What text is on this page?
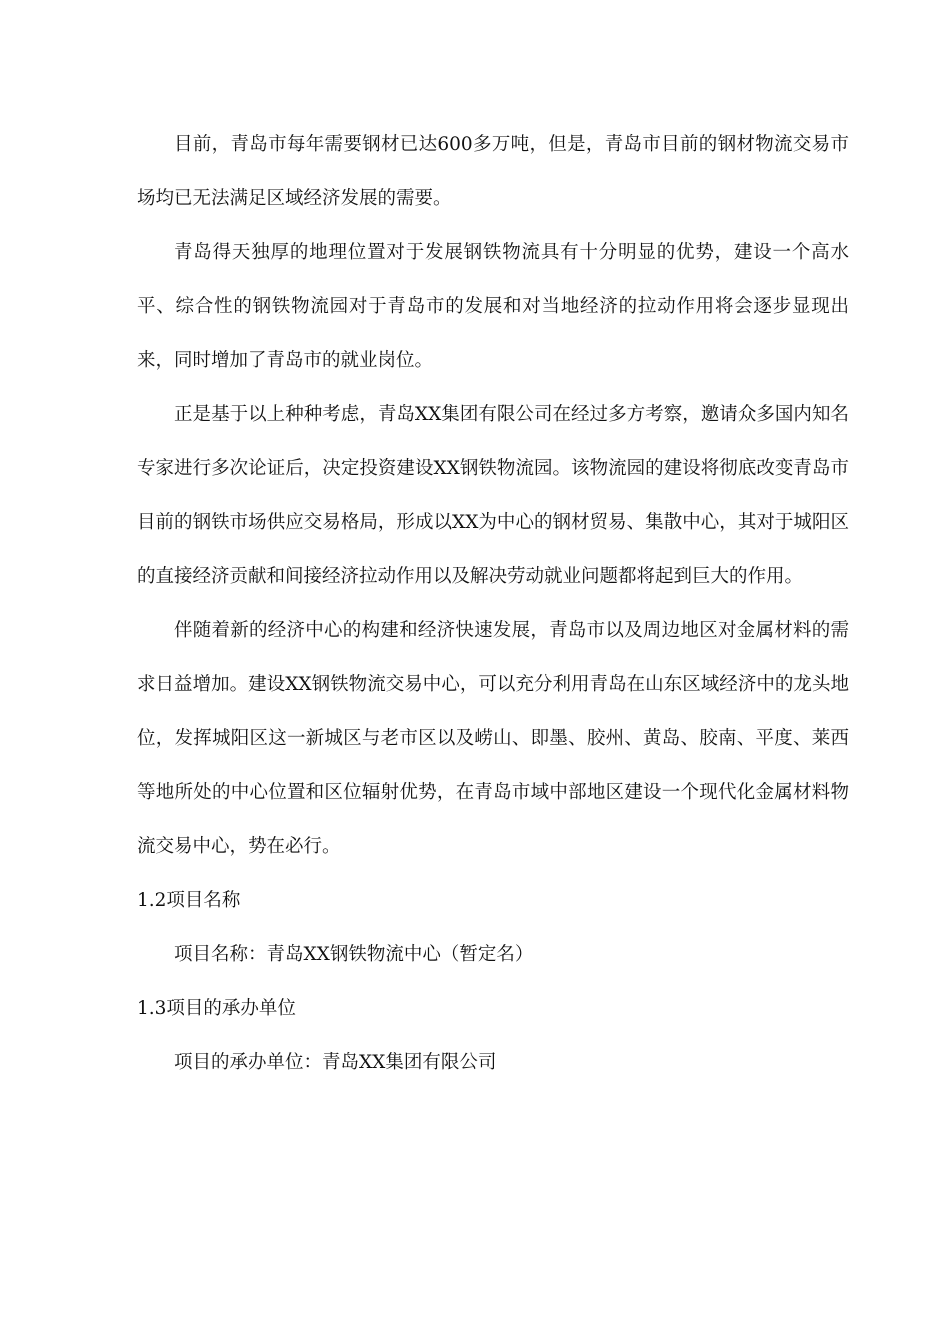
目前，青岛市每年需要钢材已达600多万吨，但是，青岛市目前的钢材物流交易市场均已无法满足区域经济发展的需要。

青岛得天独厚的地理位置对于发展钢铁物流具有十分明显的优势，建设一个高水平、综合性的钢铁物流园对于青岛市的发展和对当地经济的拉动作用将会逐步显现出来，同时增加了青岛市的就业岗位。

正是基于以上种种考虑，青岛XX集团有限公司在经过多方考察，邀请众多国内知名专家进行多次论证后，决定投资建设XX钢铁物流园。该物流园的建设将彻底改变青岛市目前的钢铁市场供应交易格局，形成以XX为中心的钢材贸易、集散中心，其对于城阳区的直接经济贡献和间接经济拉动作用以及解决劳动就业问题都将起到巨大的作用。

伴随着新的经济中心的构建和经济快速发展，青岛市以及周边地区对金属材料的需求日益增加。建设XX钢铁物流交易中心，可以充分利用青岛在山东区域经济中的龙头地位，发挥城阳区这一新城区与老市区以及崂山、即墨、胶州、黄岛、胶南、平度、莱西等地所处的中心位置和区位辐射优势，在青岛市域中部地区建设一个现代化金属材料物流交易中心，势在必行。

1.2项目名称

项目名称：青岛XX钢铁物流中心（暂定名）

1.3项目的承办单位

项目的承办单位：青岛XX集团有限公司
